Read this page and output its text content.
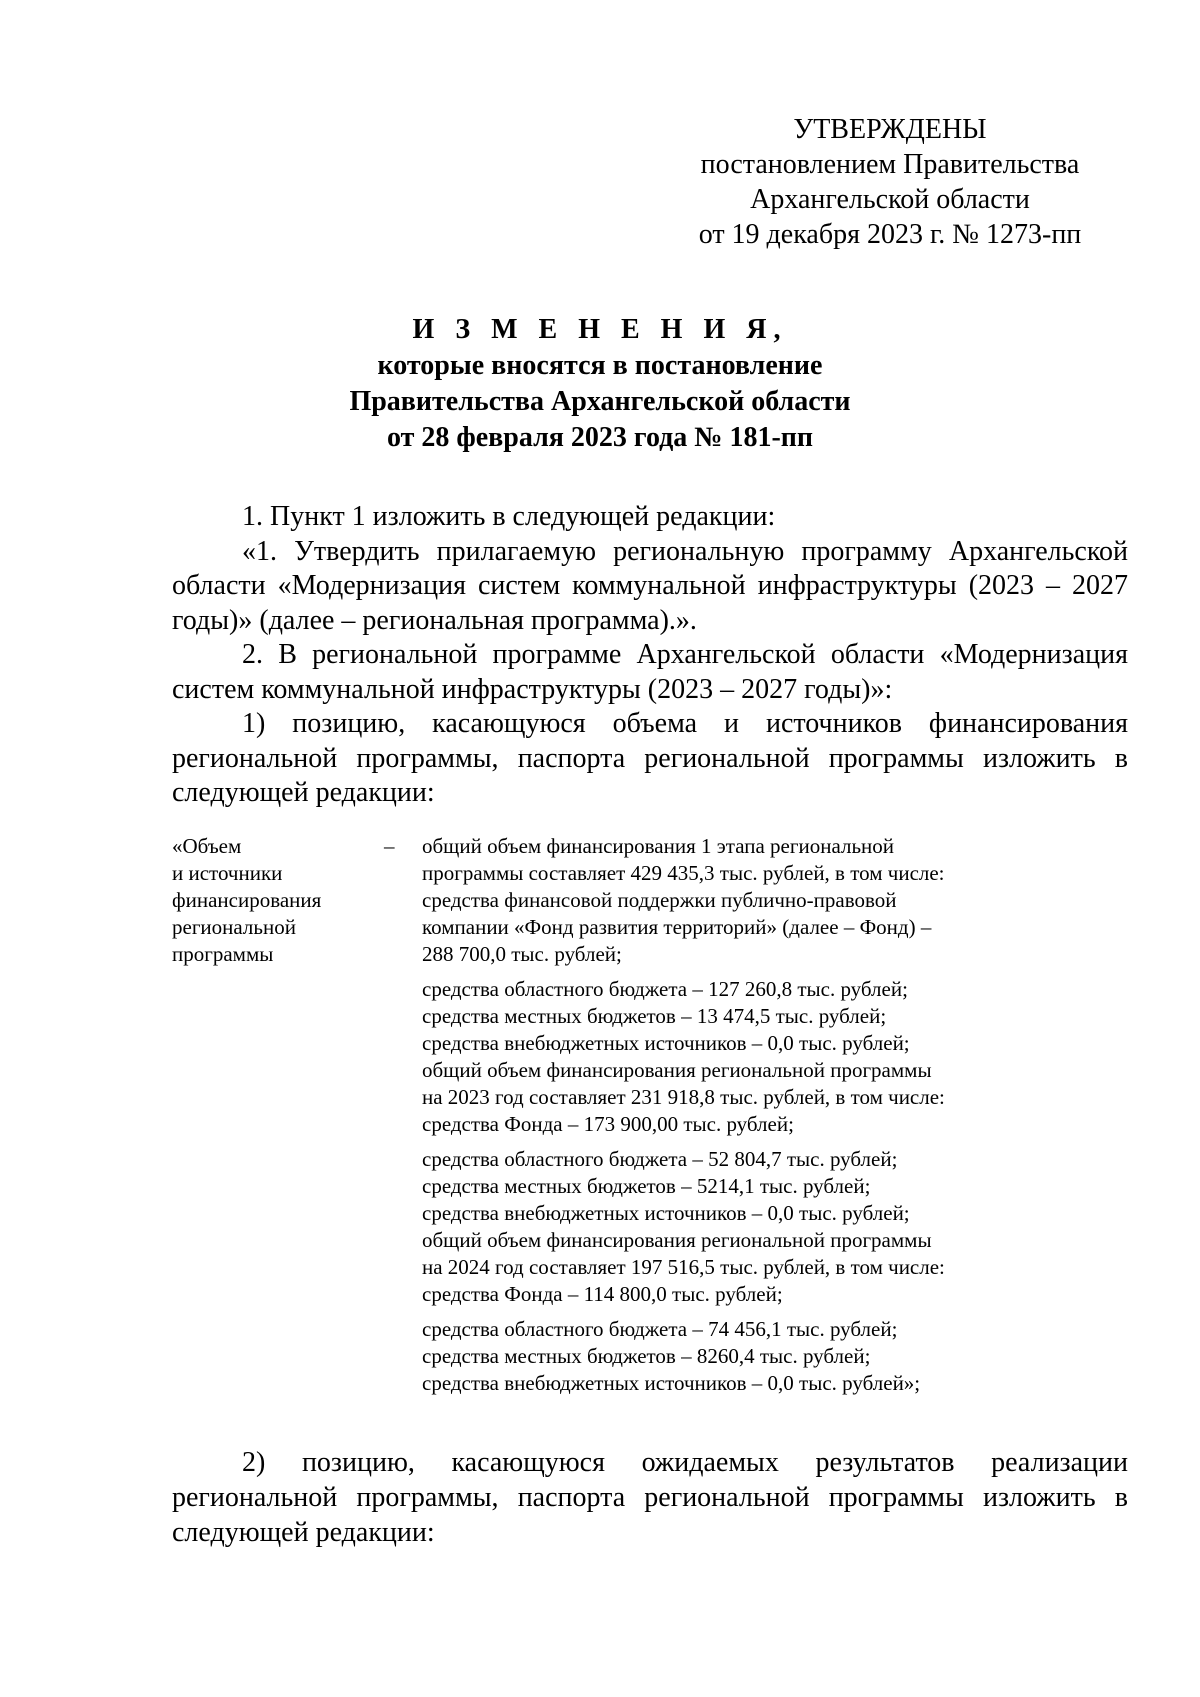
УТВЕРЖДЕНЫ
постановлением Правительства
Архангельской области
от 19 декабря 2023 г. № 1273-пп
И З М Е Н Е Н И Я,
которые вносятся в постановление
Правительства Архангельской области
от 28 февраля 2023 года № 181-пп

1. Пункт 1 изложить в следующей редакции:

«1. Утвердить прилагаемую региональную программу Архангельской области «Модернизация систем коммунальной инфраструктуры (2023 – 2027 годы)» (далее – региональная программа).».

2. В региональной программе Архангельской области «Модернизация систем коммунальной инфраструктуры (2023 – 2027 годы)»:

1) позицию, касающуюся объема и источников финансирования региональной программы, паспорта региональной программы изложить в следующей редакции:

«Объем
и источники
финансирования
региональной
программы
– общий объем финансирования 1 этапа региональной
программы составляет 429 435,3 тыс. рублей, в том числе:
средства финансовой поддержки публично-правовой
компании «Фонд развития территорий» (далее – Фонд) –
288 700,0 тыс. рублей;
средства областного бюджета – 127 260,8 тыс. рублей;
средства местных бюджетов – 13 474,5 тыс. рублей;
средства внебюджетных источников – 0,0 тыс. рублей;
общий объем финансирования региональной программы
на 2023 год составляет 231 918,8 тыс. рублей, в том числе:
средства Фонда – 173 900,00 тыс. рублей;
средства областного бюджета – 52 804,7 тыс. рублей;
средства местных бюджетов – 5214,1 тыс. рублей;
средства внебюджетных источников – 0,0 тыс. рублей;
общий объем финансирования региональной программы
на 2024 год составляет 197 516,5 тыс. рублей, в том числе:
средства Фонда – 114 800,0 тыс. рублей;
средства областного бюджета – 74 456,1 тыс. рублей;
средства местных бюджетов – 8260,4 тыс. рублей;
средства внебюджетных источников – 0,0 тыс. рублей»;

2) позицию, касающуюся ожидаемых результатов реализации региональной программы, паспорта региональной программы изложить в следующей редакции:
